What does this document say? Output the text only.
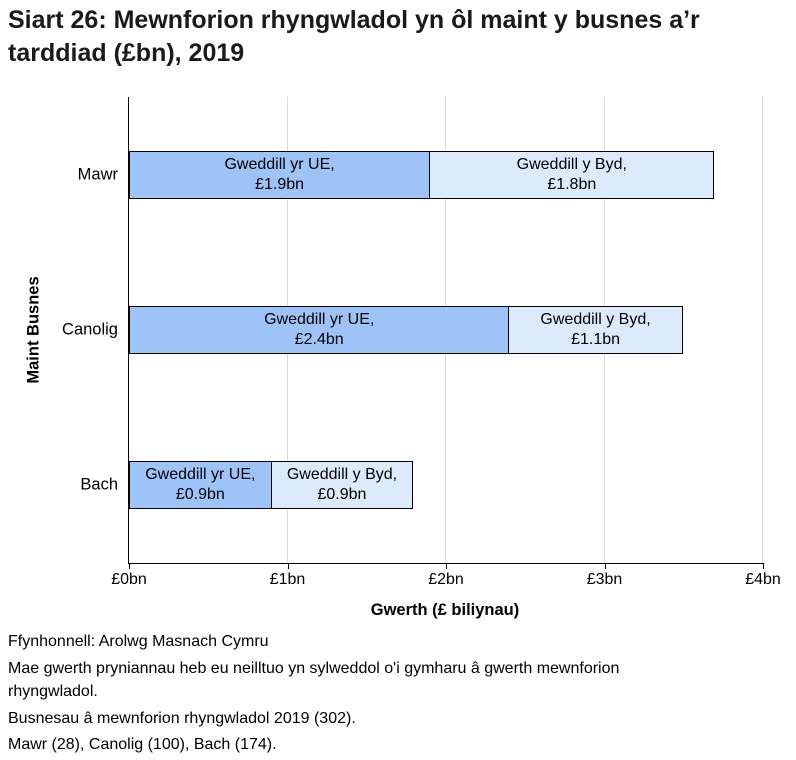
Siart 26: Mewnforion rhyngwladol yn ôl maint y busnes a’r tarddiad (£bn), 2019
Maint Busnes
Mawr
Canolig
Bach
£0bn	£1bn	£2bn	£3bn	£4bn
Gweddill yr UE,
£1.9bn
Gweddill y Byd,
£1.8bn
Gweddill yr UE,
£2.4bn
Gweddill y Byd,
£1.1bn
Gweddill yr UE,
£0.9bn
Gweddill y Byd,
£0.9bn
Gwerth (£ biliynau)
Ffynhonnell: Arolwg Masnach Cymru
Mae gwerth pryniannau heb eu neilltuo yn sylweddol o'i gymharu â gwerth mewnforion
rhyngwladol.
Busnesau â mewnforion rhyngwladol 2019 (302).
Mawr (28), Canolig (100), Bach (174).
